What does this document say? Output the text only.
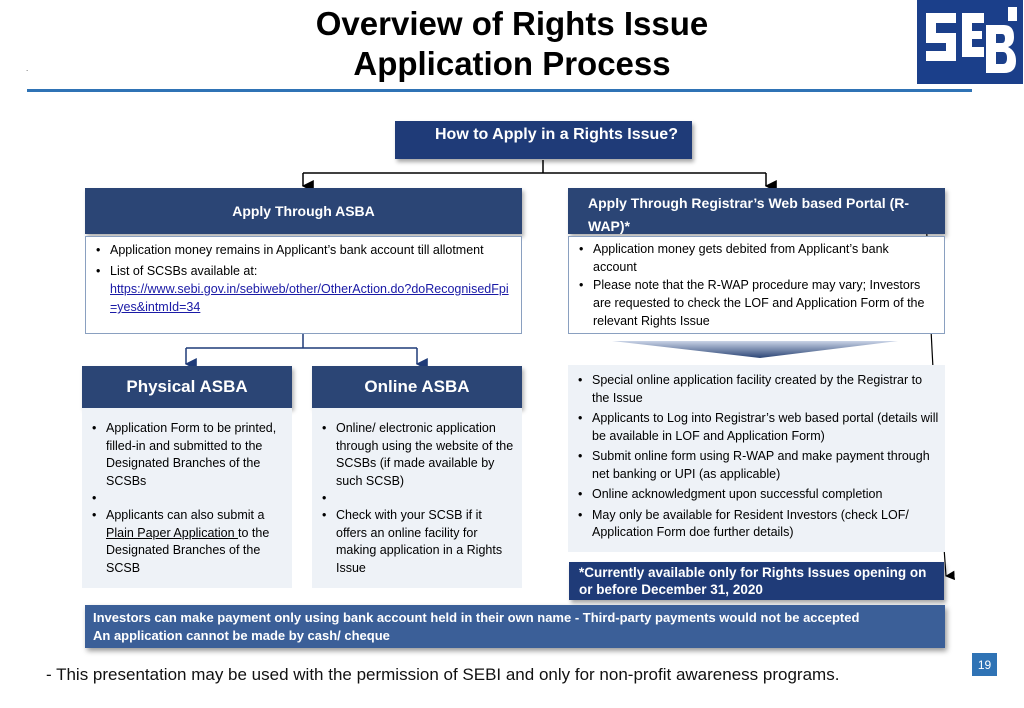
Overview of Rights Issue
Application Process
.
How to Apply in a Rights Issue?
Apply Through ASBA	Apply Through Registrar’s Web based Portal (R-WAP)*
• Application money remains in Applicant’s bank account till allotment
• List of SCSBs available at:
https://www.sebi.gov.in/sebiweb/other/OtherAction.do?doRecognisedFpi=yes&intmId=34
• Application money gets debited from Applicant’s bank account
• Please note that the R-WAP procedure may vary; Investors are requested to check the LOF and Application Form of the relevant Rights Issue
Physical ASBA	Online ASBA
• Application Form to be printed, filled-in and submitted to the Designated Branches of the SCSBs
•
• Applicants can also submit a Plain Paper Application to the Designated Branches of the SCSB
• Online/ electronic application through using the website of the SCSBs (if made available by such SCSB)
•
• Check with your SCSB if it offers an online facility for making application in a Rights Issue
• Special online application facility created by the Registrar to the Issue
• Applicants to Log into Registrar’s web based portal (details will be available in LOF and Application Form)
• Submit online form using R-WAP and make payment through net banking or UPI (as applicable)
• Online acknowledgment upon successful completion
• May only be available for Resident Investors (check LOF/ Application Form doe further details)
*Currently available only for Rights Issues opening on or before December 31, 2020
Investors can make payment only using bank account held in their own name - Third-party payments would not be accepted
An application cannot be made by cash/ cheque
19
- This presentation may be used with the permission of SEBI and only for non-profit awareness programs.
